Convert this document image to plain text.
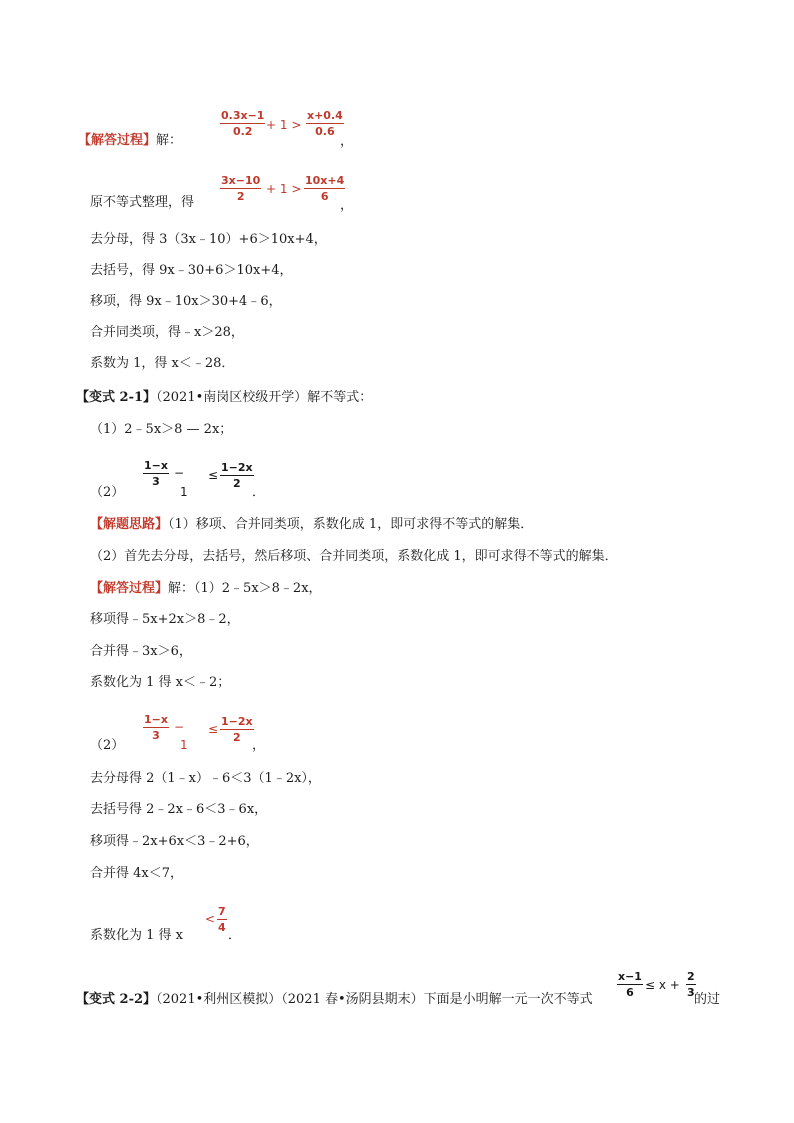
【解答过程】解：
$\frac{0.3x-1}{0.2} + 1 > \frac{x+0.4}{0.6}$
，
原不等式整理，得 $\frac{3x-10}{2} + 1 > \frac{10x+4}{6}$
，
去分母，得 3（3x﹣10）+6＞10x+4，
去括号，得 9x﹣30+6＞10x+4，
移项，得 9x﹣10x＞30+4﹣6，
合并同类项，得﹣x＞28，
系数为 1，得 x＜﹣28．
【变式 2-1】（2021•南岗区校级开学）解不等式：
（1）2﹣5x＞8 — 2x；
（2）
$\frac{1-x}{3}$ −
1
≤ $\frac{1-2x}{2}$
．
【解题思路】（1）移项、合并同类项，系数化成 1，即可求得不等式的解集．
（2）首先去分母，去括号，然后移项、合并同类项，系数化成 1，即可求得不等式的解集．
【解答过程】解：（1）2﹣5x＞8﹣2x，
移项得﹣5x+2x＞8﹣2，
合并得﹣3x＞6，
系数化为 1 得 x＜﹣2；
（2）
$\frac{1-x}{3}$ −
1
≤ $\frac{1-2x}{2}$
，
去分母得 2（1﹣x）﹣6＜3（1﹣2x），
去括号得 2﹣2x﹣6＜3﹣6x，
移项得﹣2x+6x＜3﹣2+6，
合并得 4x＜7，
系数化为 1 得 x
< $\frac{7}{4}$
．
【变式 2-2】（2021•利州区模拟）（2021 春•汤阴县期末）下面是小明解一元一次不等式
$\frac{x-1}{6} \le x + \frac{2}{3}$
的过
